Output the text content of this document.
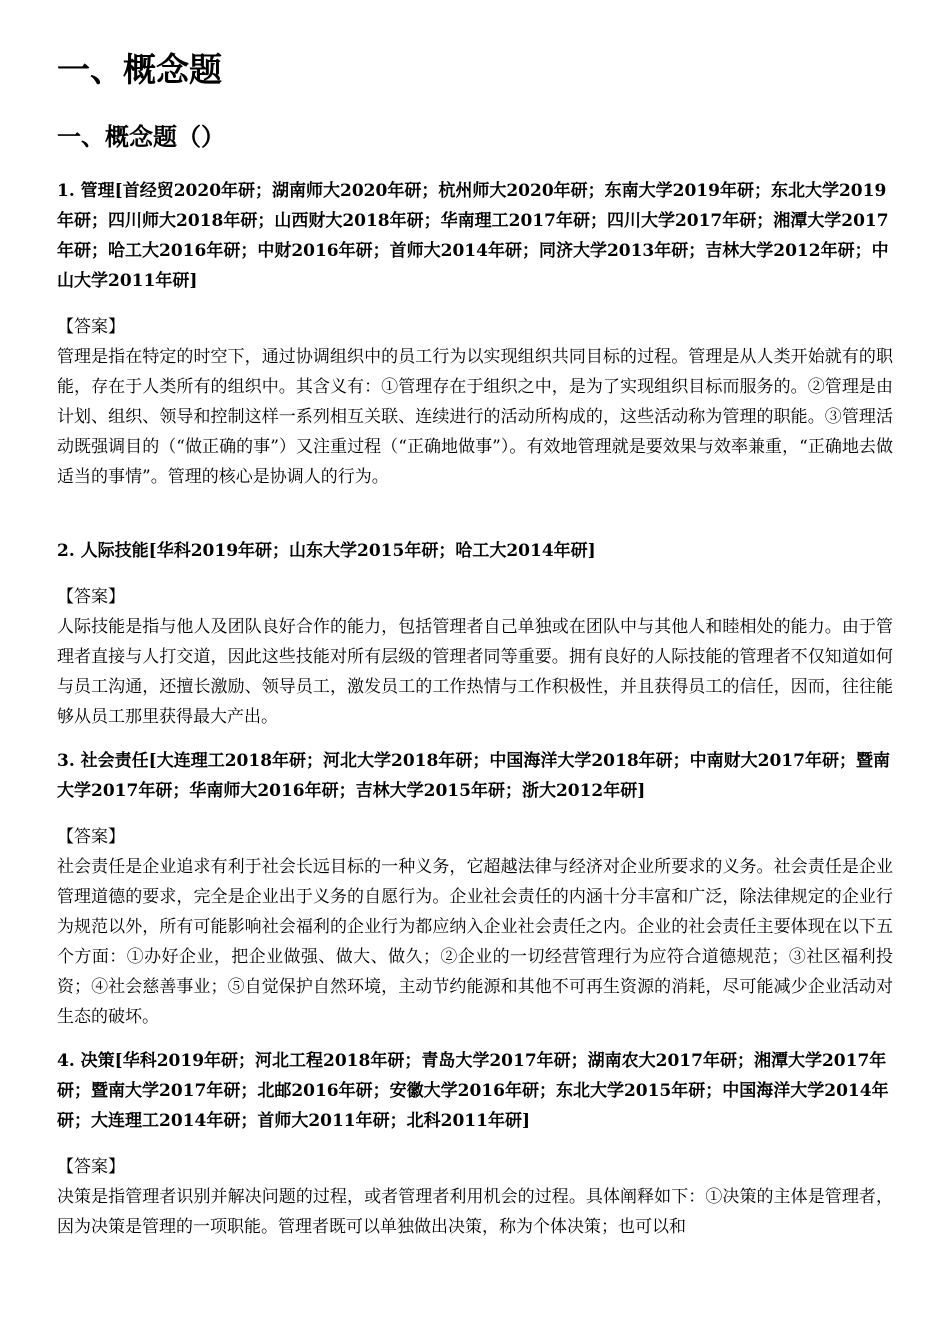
一、概念题
一、概念题（）

1. 管理[首经贸2020年研；湖南师大2020年研；杭州师大2020年研；东南大学2019年研；东北大学2019年研；四川师大2018年研；山西财大2018年研；华南理工2017年研；四川大学2017年研；湘潭大学2017年研；哈工大2016年研；中财2016年研；首师大2014年研；同济大学2013年研；吉林大学2012年研；中山大学2011年研]

【答案】

管理是指在特定的时空下，通过协调组织中的员工行为以实现组织共同目标的过程。管理是从人类开始就有的职能，存在于人类所有的组织中。其含义有：①管理存在于组织之中，是为了实现组织目标而服务的。②管理是由计划、组织、领导和控制这样一系列相互关联、连续进行的活动所构成的，这些活动称为管理的职能。③管理活动既强调目的（“做正确的事”）又注重过程（“正确地做事”）。有效地管理就是要效果与效率兼重，“正确地去做适当的事情”。管理的核心是协调人的行为。

2. 人际技能[华科2019年研；山东大学2015年研；哈工大2014年研]

【答案】

人际技能是指与他人及团队良好合作的能力，包括管理者自己单独或在团队中与其他人和睦相处的能力。由于管理者直接与人打交道，因此这些技能对所有层级的管理者同等重要。拥有良好的人际技能的管理者不仅知道如何与员工沟通，还擅长激励、领导员工，激发员工的工作热情与工作积极性，并且获得员工的信任，因而，往往能够从员工那里获得最大产出。

3. 社会责任[大连理工2018年研；河北大学2018年研；中国海洋大学2018年研；中南财大2017年研；暨南大学2017年研；华南师大2016年研；吉林大学2015年研；浙大2012年研]

【答案】

社会责任是企业追求有利于社会长远目标的一种义务，它超越法律与经济对企业所要求的义务。社会责任是企业管理道德的要求，完全是企业出于义务的自愿行为。企业社会责任的内涵十分丰富和广泛，除法律规定的企业行为规范以外，所有可能影响社会福利的企业行为都应纳入企业社会责任之内。企业的社会责任主要体现在以下五个方面：①办好企业，把企业做强、做大、做久；②企业的一切经营管理行为应符合道德规范；③社区福利投资；④社会慈善事业；⑤自觉保护自然环境，主动节约能源和其他不可再生资源的消耗，尽可能减少企业活动对生态的破坏。

4. 决策[华科2019年研；河北工程2018年研；青岛大学2017年研；湖南农大2017年研；湘潭大学2017年研；暨南大学2017年研；北邮2016年研；安徽大学2016年研；东北大学2015年研；中国海洋大学2014年研；大连理工2014年研；首师大2011年研；北科2011年研]

【答案】

决策是指管理者识别并解决问题的过程，或者管理者利用机会的过程。具体阐释如下：①决策的主体是管理者，因为决策是管理的一项职能。管理者既可以单独做出决策，称为个体决策；也可以和
